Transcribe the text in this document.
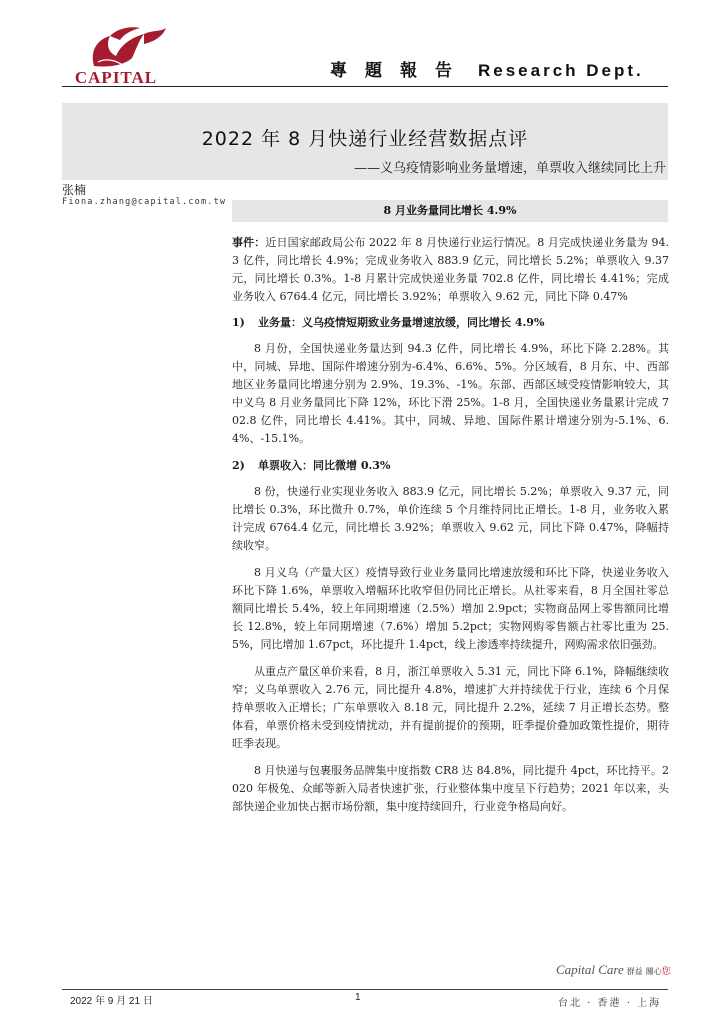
CAPITAL	專題報告 Research Dept.
2022 年 8 月快递行业经营数据点评
——义乌疫情影响业务量增速，单票收入继续同比上升
张楠
Fiona.zhang@capital.com.tw
8 月业务量同比增长 4.9%

事件：近日国家邮政局公布 2022 年 8 月快递行业运行情况。8 月完成快递业务量为 94.3 亿件，同比增长 4.9%；完成业务收入 883.9 亿元，同比增长 5.2%；单票收入 9.37 元，同比增长 0.3%。1-8 月累计完成快递业务量 702.8 亿件，同比增长 4.41%；完成业务收入 6764.4 亿元，同比增长 3.92%；单票收入 9.62 元，同比下降 0.47%

1) 业务量：义乌疫情短期致业务量增速放缓，同比增长 4.9%

8 月份，全国快递业务量达到 94.3 亿件，同比增长 4.9%，环比下降 2.28%。其中，同城、异地、国际件增速分别为-6.4%、6.6%、5%。分区域看，8 月东、中、西部地区业务量同比增速分别为 2.9%、19.3%、-1%。东部、西部区域受疫情影响较大，其中义乌 8 月业务量同比下降 12%，环比下滑 25%。1-8 月，全国快递业务量累计完成 702.8 亿件，同比增长 4.41%。其中，同城、异地、国际件累计增速分别为-5.1%、6.4%、-15.1%。

2) 单票收入：同比微增 0.3%

8 份，快递行业实现业务收入 883.9 亿元，同比增长 5.2%；单票收入 9.37 元，同比增长 0.3%，环比微升 0.7%，单价连续 5 个月维持同比正增长。1-8 月，业务收入累计完成 6764.4 亿元，同比增长 3.92%；单票收入 9.62 元，同比下降 0.47%，降幅持续收窄。

8 月义乌（产量大区）疫情导致行业业务量同比增速放缓和环比下降，快递业务收入环比下降 1.6%，单票收入增幅环比收窄但仍同比正增长。从社零来看，8 月全国社零总额同比增长 5.4%，较上年同期增速（2.5%）增加 2.9pct；实物商品网上零售额同比增长 12.8%，较上年同期增速（7.6%）增加 5.2pct；实物网购零售额占社零比重为 25.5%，同比增加 1.67pct，环比提升 1.4pct，线上渗透率持续提升，网购需求依旧强劲。

从重点产量区单价来看，8 月，浙江单票收入 5.31 元，同比下降 6.1%，降幅继续收窄；义乌单票收入 2.76 元，同比提升 4.8%，增速扩大并持续优于行业，连续 6 个月保持单票收入正增长；广东单票收入 8.18 元，同比提升 2.2%，延续 7 月正增长态势。整体看，单票价格未受到疫情扰动，并有提前提价的预期，旺季提价叠加政策性提价，期待旺季表现。

8 月快递与包裹服务品牌集中度指数 CR8 达 84.8%，同比提升 4pct，环比持平。2020 年极兔、众邮等新入局者快速扩张，行业整体集中度呈下行趋势；2021 年以来，头部快递企业加快占据市场份额，集中度持续回升，行业竞争格局向好。

Capital Care 群益 關心您
2022 年 9 月 21 日	1
台北 · 香港 · 上海
